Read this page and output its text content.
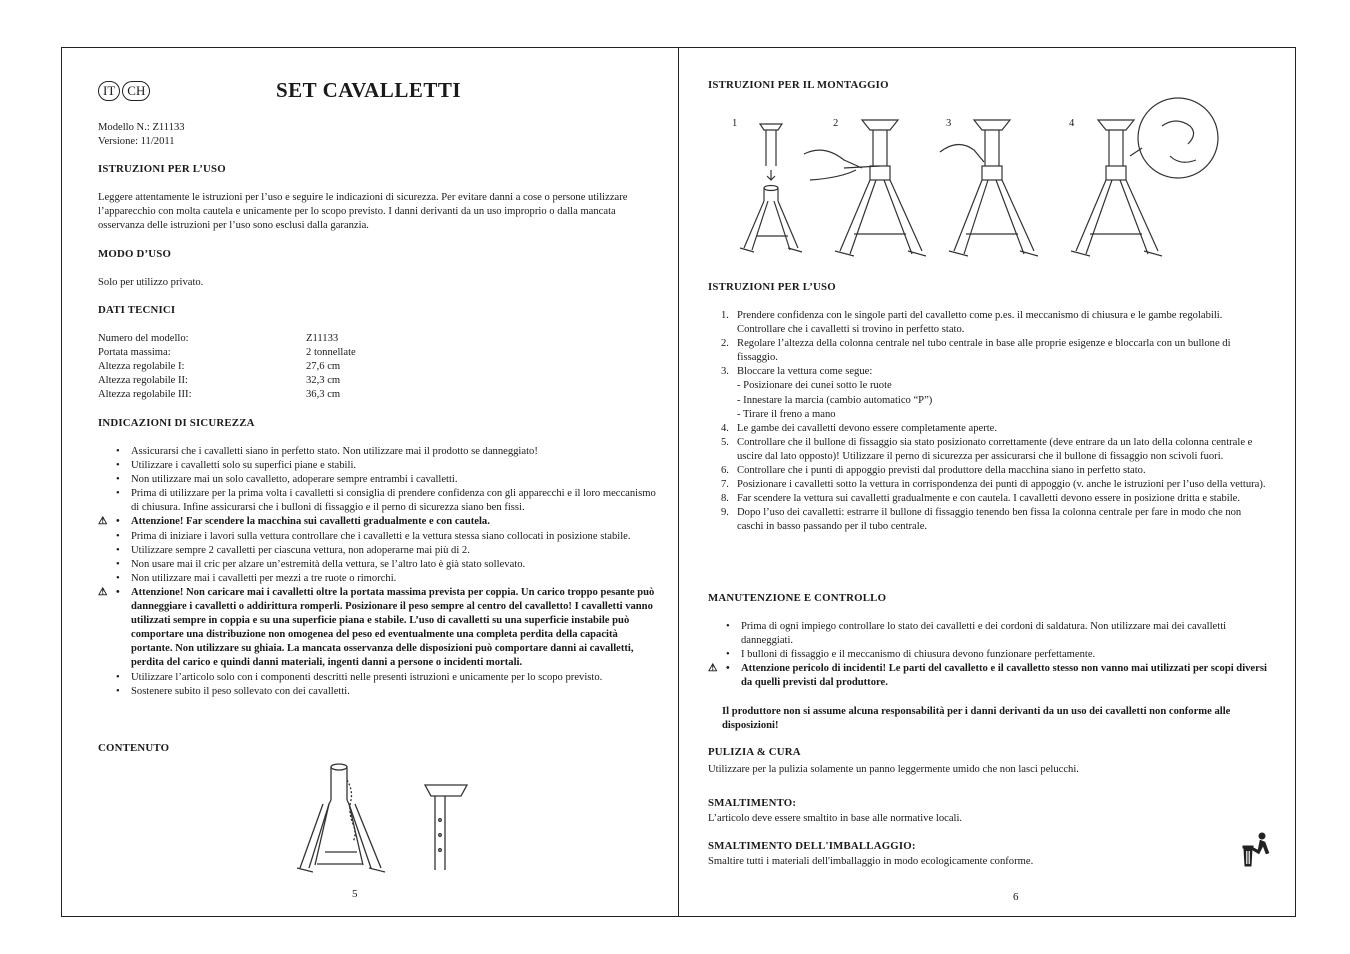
IT CH	SET CAVALLETTI
Modello N.: Z11133
Versione: 11/2011
ISTRUZIONI PER L’USO
Leggere attentamente le istruzioni per l’uso e seguire le indicazioni di sicurezza. Per evitare danni a cose o persone utilizzare l’apparecchio con molta cautela e unicamente per lo scopo previsto. I danni derivanti da un uso improprio o dalla mancata osservanza delle istruzioni per l’uso sono esclusi dalla garanzia.
MODO D’USO
Solo per utilizzo privato.
DATI TECNICI
Numero del modello:	Z11133
Portata massima:	2 tonnellate
Altezza regolabile I:	27,6 cm
Altezza regolabile II:	32,3 cm
Altezza regolabile III:	36,3 cm
INDICAZIONI DI SICUREZZA
• Assicurarsi che i cavalletti siano in perfetto stato. Non utilizzare mai il prodotto se danneggiato!
• Utilizzare i cavalletti solo su superfici piane e stabili.
• Non utilizzare mai un solo cavalletto, adoperare sempre entrambi i cavalletti.
• Prima di utilizzare per la prima volta i cavalletti si consiglia di prendere confidenza con gli apparecchi e il loro meccanismo di chiusura. Infine assicurarsi che i bulloni di fissaggio e il perno di sicurezza siano ben fissi.
⚠ • Attenzione! Far scendere la macchina sui cavalletti gradualmente e con cautela.
• Prima di iniziare i lavori sulla vettura controllare che i cavalletti e la vettura stessa siano collocati in posizione stabile.
• Utilizzare sempre 2 cavalletti per ciascuna vettura, non adoperarne mai più di 2.
• Non usare mai il cric per alzare un’estremità della vettura, se l’altro lato è già stato sollevato.
• Non utilizzare mai i cavalletti per mezzi a tre ruote o rimorchi.
⚠ • Attenzione! Non caricare mai i cavalletti oltre la portata massima prevista per coppia. Un carico troppo pesante può danneggiare i cavalletti o addirittura romperli. Posizionare il peso sempre al centro del cavalletto! I cavalletti vanno utilizzati sempre in coppia e su una superficie piana e stabile. L’uso di cavalletti su una superficie instabile può comportare una distribuzione non omogenea del peso ed eventualmente una completa perdita della capacità portante. Non utilizzare su ghiaia. La mancata osservanza delle disposizioni può comportare danni ai cavalletti, perdita del carico e quindi danni materiali, ingenti danni a persone o incidenti mortali.
• Utilizzare l’articolo solo con i componenti descritti nelle presenti istruzioni e unicamente per lo scopo previsto.
• Sostenere subito il peso sollevato con dei cavalletti.
CONTENUTO
5
ISTRUZIONI PER IL MONTAGGIO
1	2	3	4
ISTRUZIONI PER L’USO
1. Prendere confidenza con le singole parti del cavalletto come p.es. il meccanismo di chiusura e le gambe regolabili. Controllare che i cavalletti si trovino in perfetto stato.
2. Regolare l’altezza della colonna centrale nel tubo centrale in base alle proprie esigenze e bloccarla con un bullone di fissaggio.
3. Bloccare la vettura come segue:
- Posizionare dei cunei sotto le ruote
- Innestare la marcia (cambio automatico “P”)
- Tirare il freno a mano
4. Le gambe dei cavalletti devono essere completamente aperte.
5. Controllare che il bullone di fissaggio sia stato posizionato correttamente (deve entrare da un lato della colonna centrale e uscire dal lato opposto)! Utilizzare il perno di sicurezza per assicurarsi che il bullone di fissaggio non scivoli fuori.
6. Controllare che i punti di appoggio previsti dal produttore della macchina siano in perfetto stato.
7. Posizionare i cavalletti sotto la vettura in corrispondenza dei punti di appoggio (v. anche le istruzioni per l’uso della vettura).
8. Far scendere la vettura sui cavalletti gradualmente e con cautela. I cavalletti devono essere in posizione dritta e stabile.
9. Dopo l’uso dei cavalletti: estrarre il bullone di fissaggio tenendo ben fissa la colonna centrale per fare in modo che non caschi in basso passando per il tubo centrale.
MANUTENZIONE E CONTROLLO
• Prima di ogni impiego controllare lo stato dei cavalletti e dei cordoni di saldatura. Non utilizzare mai dei cavalletti danneggiati.
• I bulloni di fissaggio e il meccanismo di chiusura devono funzionare perfettamente.
⚠ • Attenzione pericolo di incidenti! Le parti del cavalletto e il cavalletto stesso non vanno mai utilizzati per scopi diversi da quelli previsti dal produttore.
Il produttore non si assume alcuna responsabilità per i danni derivanti da un uso dei cavalletti non conforme alle disposizioni!
PULIZIA & CURA
Utilizzare per la pulizia solamente un panno leggermente umido che non lasci pelucchi.
SMALTIMENTO:
L’articolo deve essere smaltito in base alle normative locali.
SMALTIMENTO DELL'IMBALLAGGIO:
Smaltire tutti i materiali dell'imballaggio in modo ecologicamente conforme.
6
